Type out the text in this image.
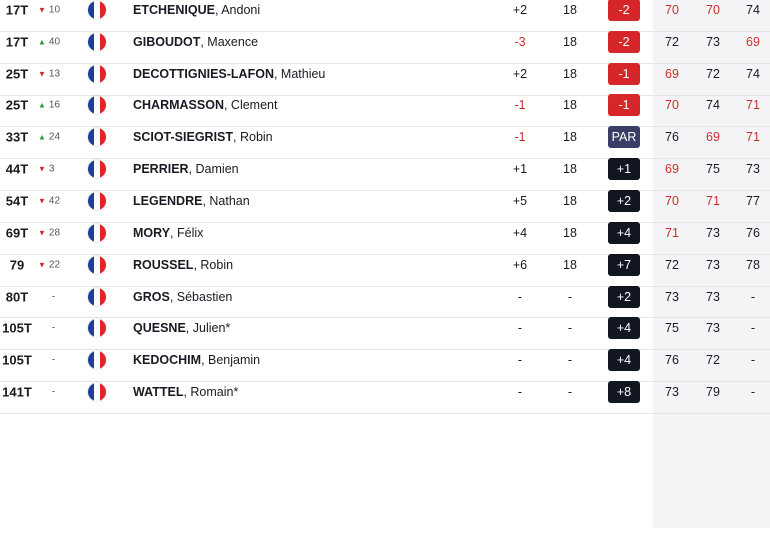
17T	▼ 10	ETCHENIQUE, Andoni	+2	18	-2	70	70	74
17T	▲ 40	GIBOUDOT, Maxence	-3	18	-2	72	73	69
25T	▼ 13	DECOTTIGNIES-LAFON, Mathieu	+2	18	-1	69	72	74
25T	▲ 16	CHARMASSON, Clement	-1	18	-1	70	74	71
33T	▲ 24	SCIOT-SIEGRIST, Robin	-1	18	PAR	76	69	71
44T	▼ 3	PERRIER, Damien	+1	18	+1	69	75	73
54T	▼ 42	LEGENDRE, Nathan	+5	18	+2	70	71	77
69T	▼ 28	MORY, Félix	+4	18	+4	71	73	76
79	▼ 22	ROUSSEL, Robin	+6	18	+7	72	73	78
80T	-	GROS, Sébastien	-	-	+2	73	73	-
105T	-	QUESNE, Julien*	-	-	+4	75	73	-
105T	-	KEDOCHIM, Benjamin	-	-	+4	76	72	-
141T	-	WATTEL, Romain*	-	-	+8	73	79	-
